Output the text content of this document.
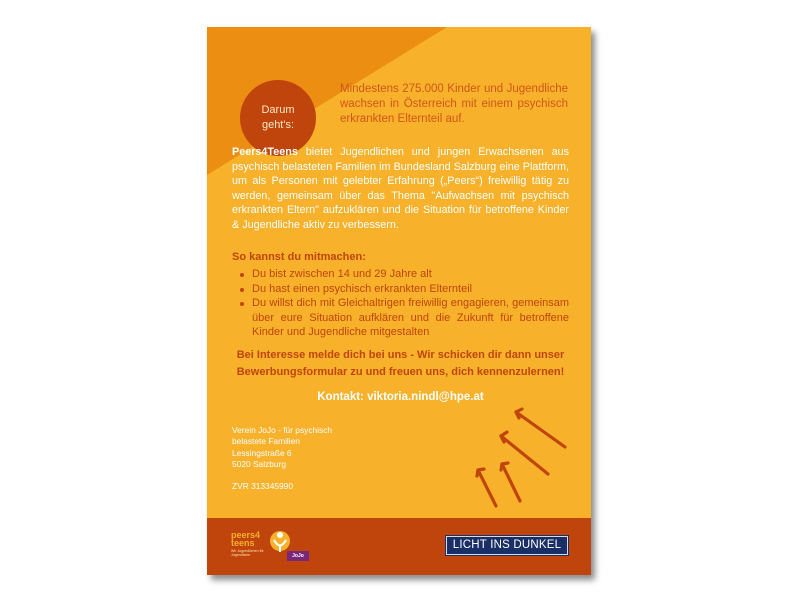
Darum
geht's:
Mindestens 275.000 Kinder und Jugendliche wachsen in Österreich mit einem psychisch erkrankten Elternteil auf.
Peers4Teens bietet Jugendlichen und jungen Erwachsenen aus psychisch belasteten Familien im Bundesland Salzburg eine Plattform, um als Personen mit gelebter Erfahrung („Peers“) freiwillig tätig zu werden, gemeinsam über das Thema "Aufwachsen mit psychisch erkrankten Eltern" aufzuklären und die Situation für betroffene Kinder & Jugendliche aktiv zu verbessern.
So kannst du mitmachen:
Du bist zwischen 14 und 29 Jahre alt
Du hast einen psychisch erkrankten Elternteil
Du willst dich mit Gleichaltrigen freiwillig engagieren, gemeinsam über eure Situation aufklären und die Zukunft für betroffene Kinder und Jugendliche mitgestalten
Bei Interesse melde dich bei uns - Wir schicken dir dann unser Bewerbungsformular zu und freuen uns, dich kennenzulernen!
Kontakt: viktoria.nindl@hpe.at
Verein JoJo - für psychisch
belastete Familien
Lessingstraße 6
5020 Salzburg
ZVR 313345990
peers4
teens
Wir Jugendlichen für Jugendliche	JoJo
LICHT INS DUNKEL
